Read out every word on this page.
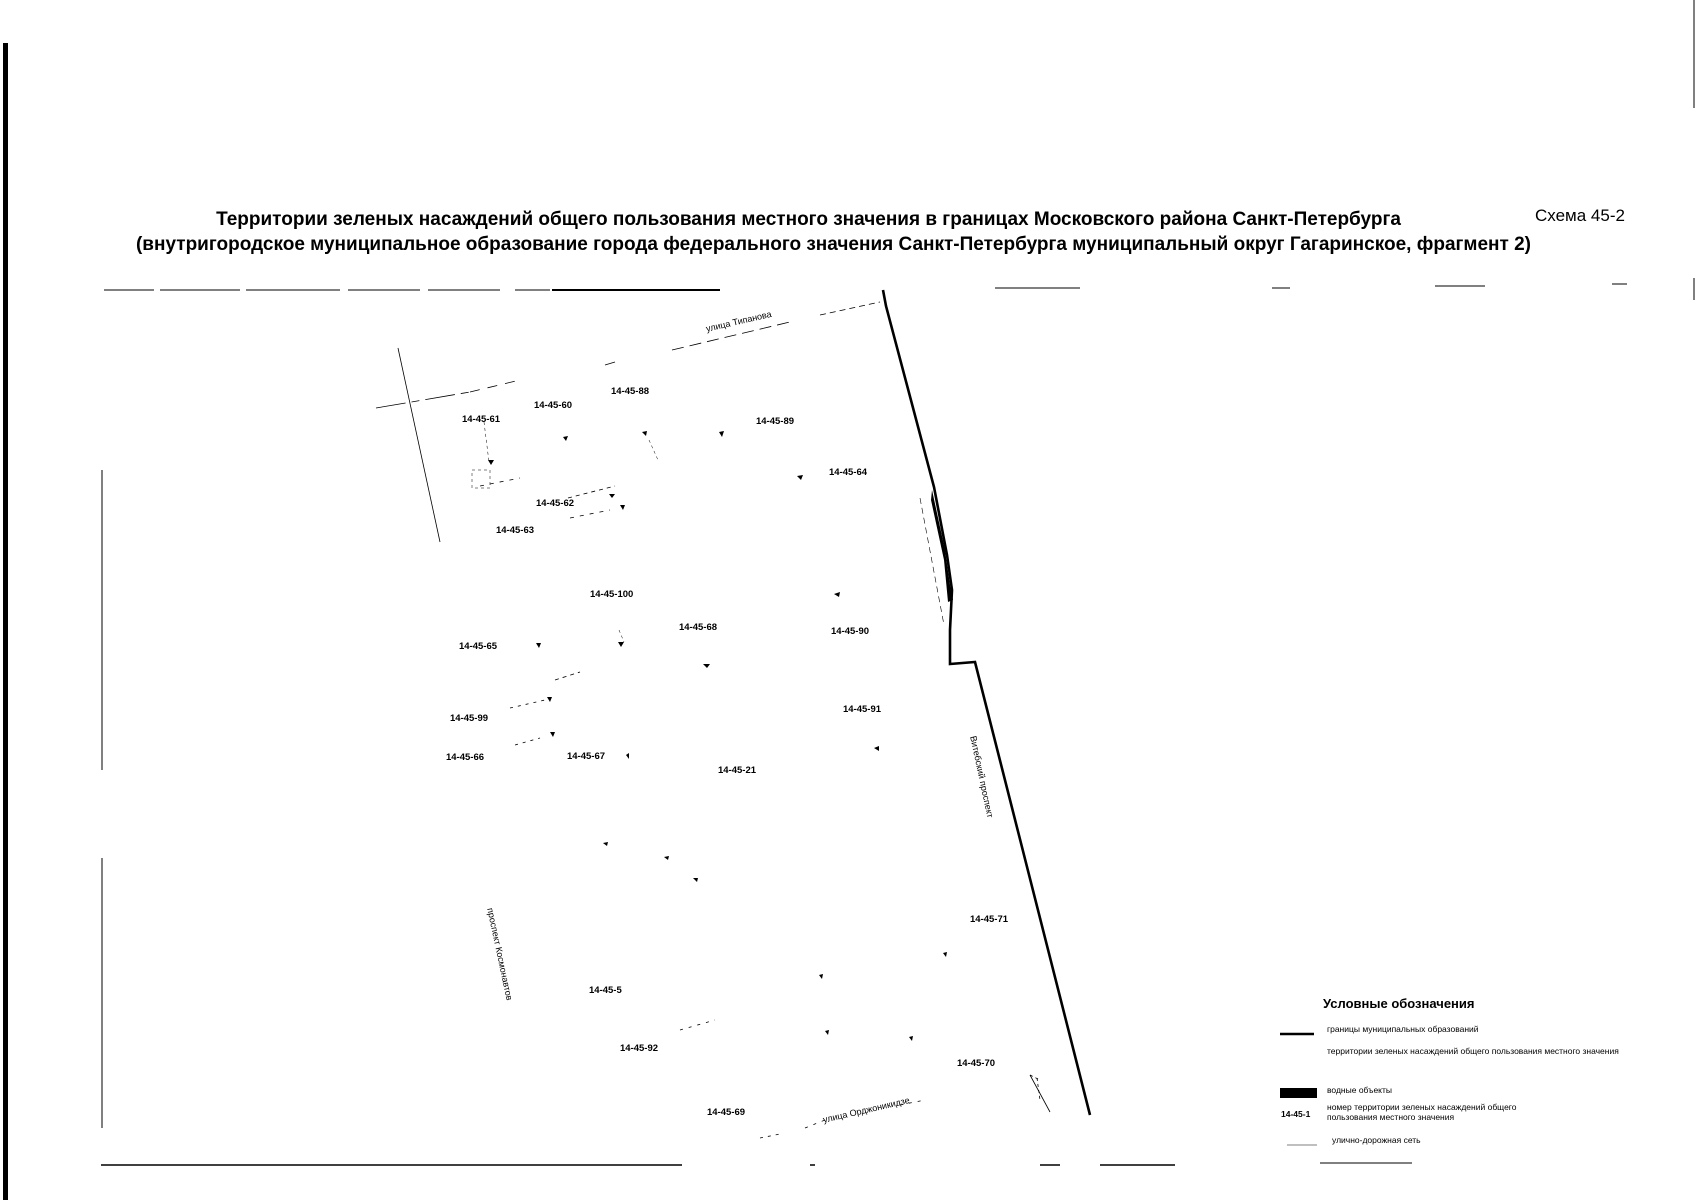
Территории зеленых насаждений общего пользования местного значения в границах Московского района Санкт-Петербурга
(внутригородское муниципальное образование города федерального значения Санкт-Петербурга муниципальный округ Гагаринское, фрагмент 2)
Схема 45-2
улица Типанова
Витебский проспект
проспект Космонавтов
улица Орджоникидзе
14-45-61
14-45-60
14-45-88
14-45-89
14-45-64
14-45-62
14-45-63
14-45-100
14-45-68	14-45-90
14-45-65
14-45-99
14-45-91
14-45-66	14-45-67
14-45-21
14-45-71
14-45-5
14-45-92
14-45-70
14-45-69
Условные обозначения
границы муниципальных образований
территории зеленых насаждений общего пользования местного значения
водные объекты
14-45-1
номер территории зеленых насаждений общего пользования местного значения
улично-дорожная сеть
